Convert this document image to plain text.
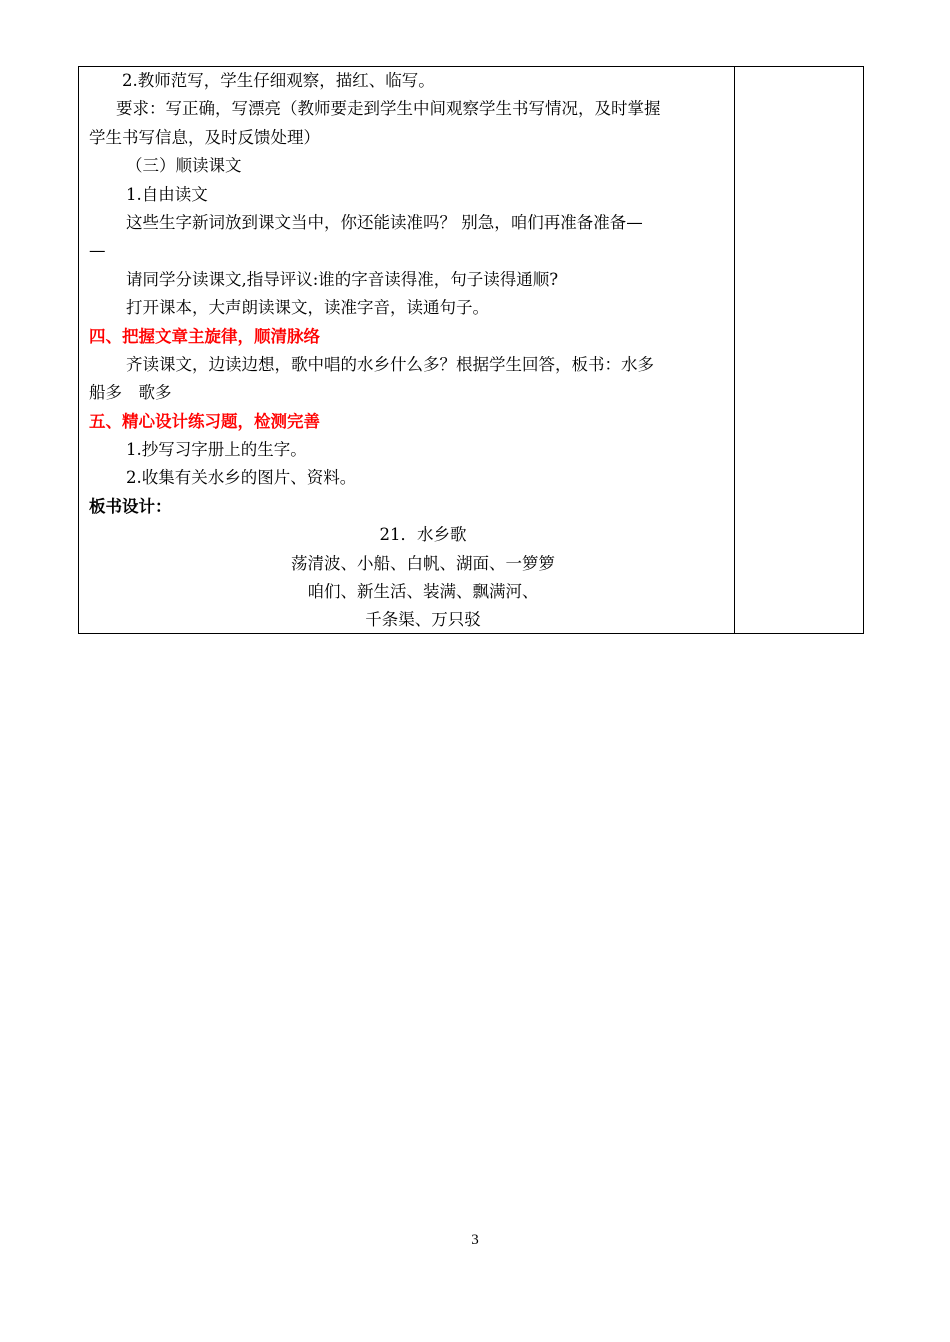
2.教师范写，学生仔细观察，描红、临写。
要求：写正确，写漂亮（教师要走到学生中间观察学生书写情况，及时掌握
学生书写信息，及时反馈处理）
（三）顺读课文
1.自由读文
这些生字新词放到课文当中，你还能读准吗？ 别急，咱们再准备准备—
—
请同学分读课文,指导评议:谁的字音读得准，句子读得通顺?
打开课本，大声朗读课文，读准字音，读通句子。
四、把握文章主旋律，顺清脉络
齐读课文，边读边想，歌中唱的水乡什么多？根据学生回答，板书：水多
船多　歌多
五、精心设计练习题，检测完善
1.抄写习字册上的生字。
2.收集有关水乡的图片、资料。
板书设计：
21．水乡歌
荡清波、小船、白帆、湖面、一箩箩
咱们、新生活、装满、飘满河、
千条渠、万只驳
3
